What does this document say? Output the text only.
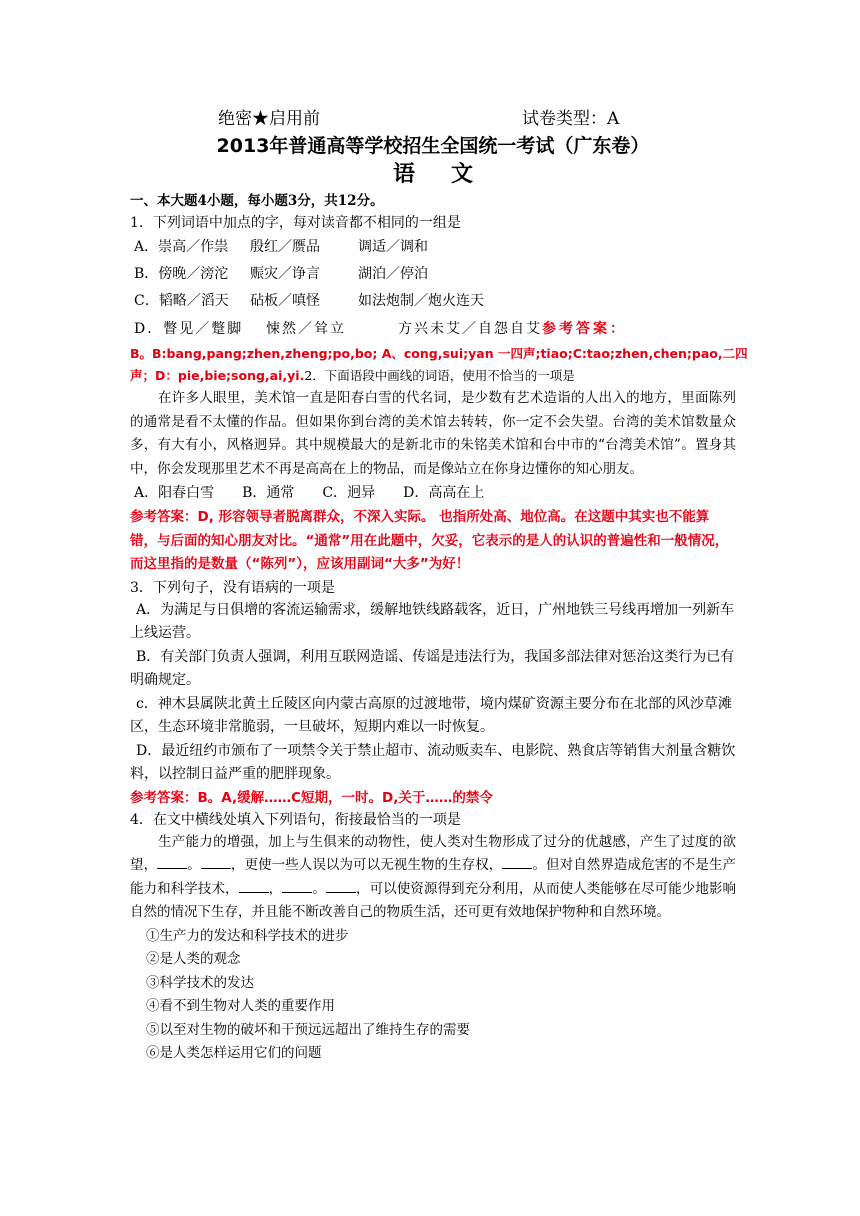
绝密★启用前	试卷类型：A
2013年普通高等学校招生全国统一考试（广东卷）
语文
一、本大题4小题，每小题3分，共12分。
1．下列词语中加点的字，每对读音都不相同的一组是
A．崇高／作祟 殷红／赝品	调适／调和
B．傍晚／滂沱 赈灾／诤言	湖泊／停泊
C．韬略／滔天 砧板／嗔怪	如法炮制／炮火连天
D．瞥见／蹩脚 悚然／耸立	方兴未艾／自怨自艾参考答案：
B。B:bang,pang;zhen,zheng;po,bo; A、cong,sui;yan 一四声;tiao;C:tao;zhen,chen;pao,二四
声；D：pie,bie;song,ai,yi.2．下面语段中画线的词语，使用不恰当的一项是
在许多人眼里，美术馆一直是阳春白雪的代名词，是少数有艺术造诣的人出入的地方，里面陈列的通常是看不太懂的作品。但如果你到台湾的美术馆去转转，你一定不会失望。台湾的美术馆数量众多，有大有小，风格迥异。其中规模最大的是新北市的朱铭美术馆和台中市的“台湾美术馆”。置身其中，你会发现那里艺术不再是高高在上的物品，而是像站立在你身边懂你的知心朋友。
A．阳春白雪　　B．通常　　C．迥异　　D．高高在上
参考答案：D, 形容领导者脱离群众，不深入实际。 也指所处高、地位高。在这题中其实也不能算错，与后面的知心朋友对比。“通常”用在此题中，欠妥，它表示的是人的认识的普遍性和一般情况，而这里指的是数量（“陈列”），应该用副词“大多”为好！
3．下列句子，没有语病的一项是
A．为满足与日俱增的客流运输需求，缓解地铁线路载客，近日，广州地铁三号线再增加一列新车上线运营。
B．有关部门负责人强调，利用互联网造谣、传谣是违法行为，我国多部法律对惩治这类行为已有明确规定。
c．神木县属陕北黄土丘陵区向内蒙古高原的过渡地带，境内煤矿资源主要分布在北部的风沙草滩区，生态环境非常脆弱，一旦破坏，短期内难以一时恢复。
D．最近纽约市颁布了一项禁令关于禁止超市、流动贩卖车、电影院、熟食店等销售大剂量含糖饮料，以控制日益严重的肥胖现象。
参考答案：B。A,缓解……C短期，一时。D,关于……的禁令
4．在文中横线处填入下列语句，衔接最恰当的一项是
生产能力的增强，加上与生俱来的动物性，使人类对生物形成了过分的优越感，产生了过度的欲望， 。 ，更使一些人误以为可以无视生物的生存权， 。但对自然界造成危害的不是生产能力和科学技术， ， 。 ，可以使资源得到充分利用，从而使人类能够在尽可能少地影响自然的情况下生存，并且能不断改善自己的物质生活，还可更有效地保护物种和自然环境。
①生产力的发达和科学技术的进步
②是人类的观念
③科学技术的发达
④看不到生物对人类的重要作用
⑤以至对生物的破坏和干预远远超出了维持生存的需要
⑥是人类怎样运用它们的问题
